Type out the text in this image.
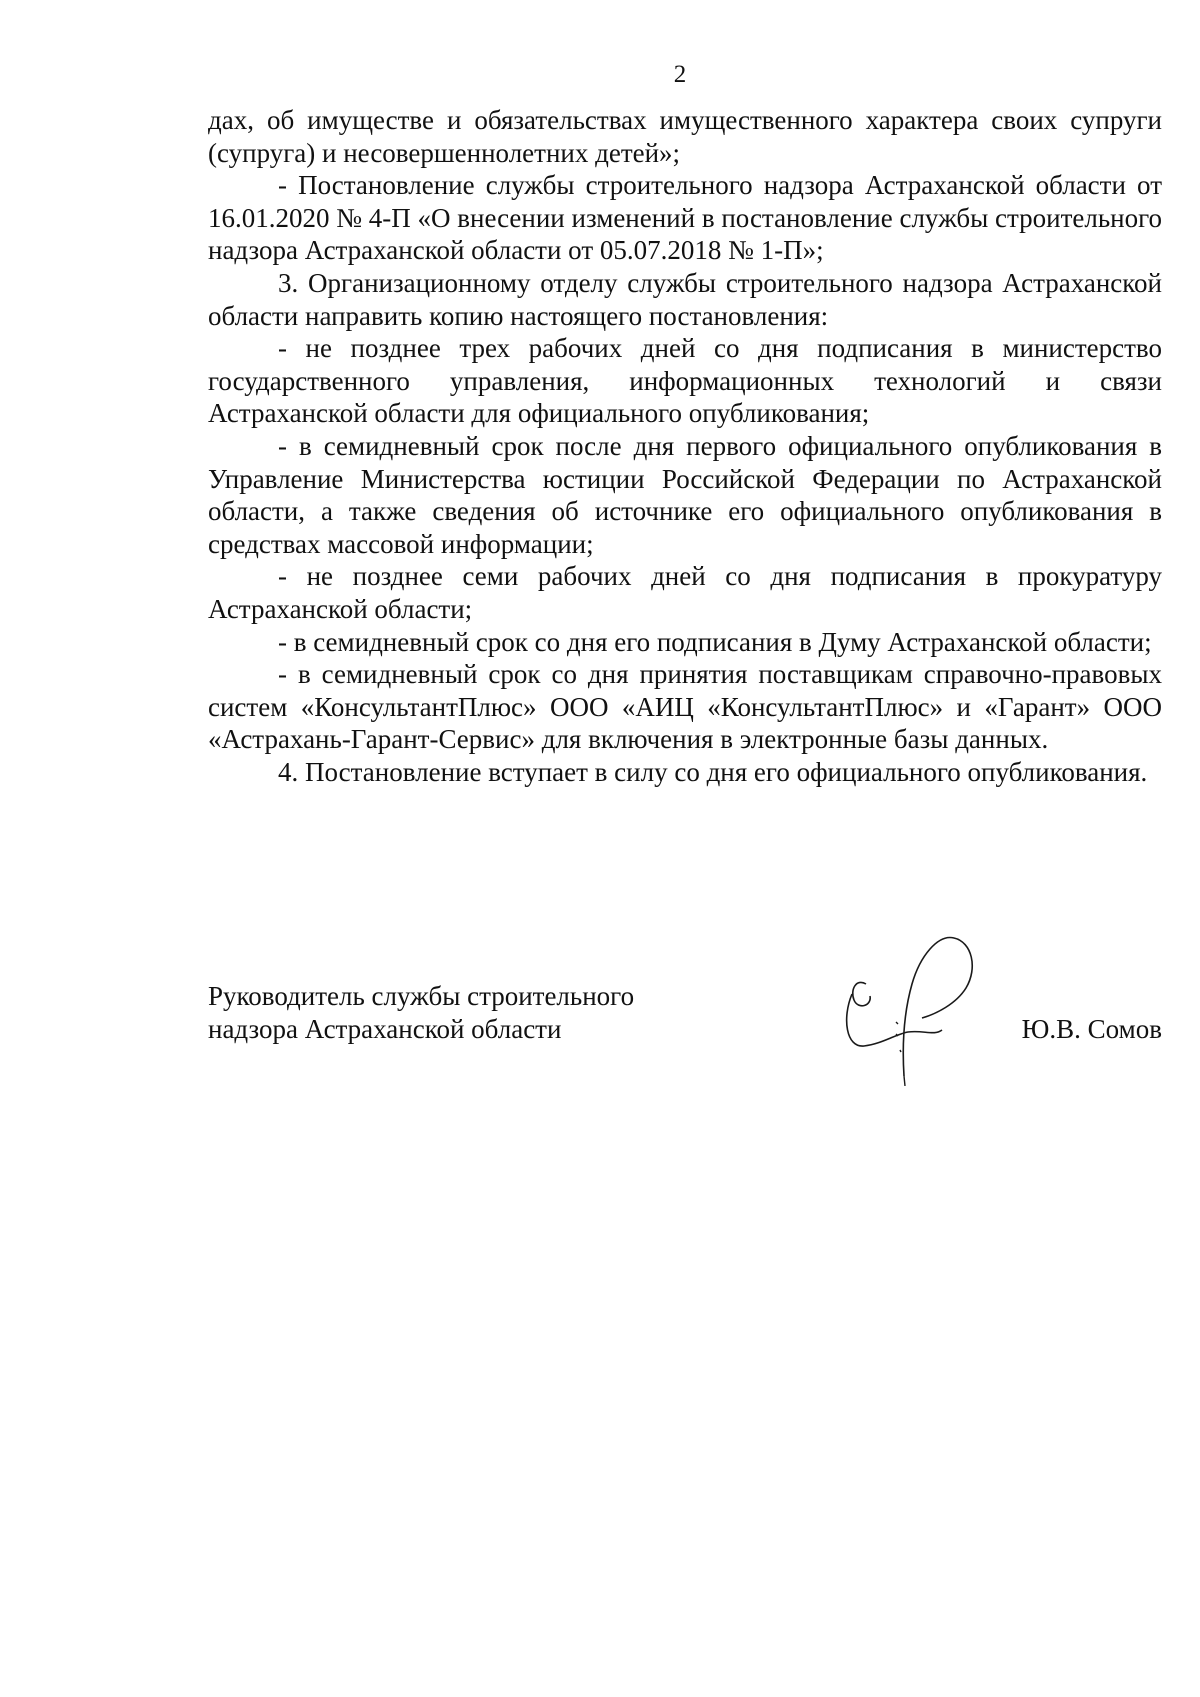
2

дах, об имуществе и обязательствах имущественного характера своих супруги (супруга) и несовершеннолетних детей»;

- Постановление службы строительного надзора Астраханской области от 16.01.2020 № 4-П «О внесении изменений в постановление службы строительного надзора Астраханской области от 05.07.2018 № 1-П»;

3. Организационному отделу службы строительного надзора Астраханской области направить копию настоящего постановления:

- не позднее трех рабочих дней со дня подписания в министерство государственного управления, информационных технологий и связи Астраханской области для официального опубликования;

- в семидневный срок после дня первого официального опубликования в Управление Министерства юстиции Российской Федерации по Астраханской области, а также сведения об источнике его официального опубликования в средствах массовой информации;

- не позднее семи рабочих дней со дня подписания в прокуратуру Астраханской области;

- в семидневный срок со дня его подписания в Думу Астраханской области;

- в семидневный срок со дня принятия поставщикам справочно-правовых систем «КонсультантПлюс» ООО «АИЦ «КонсультантПлюс» и «Гарант» ООО «Астрахань-Гарант-Сервис» для включения в электронные базы данных.

4. Постановление вступает в силу со дня его официального опубликования.

Руководитель службы строительного
надзора Астраханской области	Ю.В. Сомов
